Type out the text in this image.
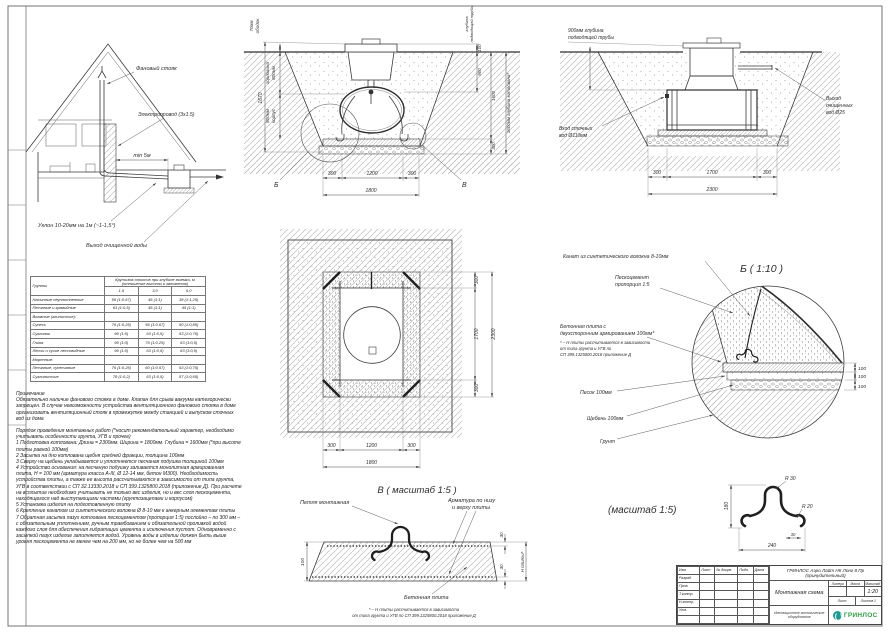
Фановый стояк
Электропровод (3х1.5)
min 5м
Уклон 10-20мм на 1м (~1-1,5°)
Выход очищенной воды
Б	В
300	1200	300
1800
1670
70мм ободок
горловина 800мм
800мм корпус
глубина подводящей трубы
100
900
1500
300
1600мм глубина котлована*
300	1700	300
2300
900мм глубина
подводящей трубы
Вход сточных
вод Ø110мм
Выход
очищенных
вод Ø25
300
1700
300
2300
300	1200	300
1800
Б ( 1:10 )
100
100
100
Канат из синтетического волокна 8-10мм
Пескоцемент
пропорция 1:5
Бетонная плита с
двухсторонним армированием 100мм*
* – Н плиты рассчитывается в зависимости
от типа грунта и УГВ по
СП 399.1325800.2018 приложение Д
Песок 100мм
Щебень 100мм
Грунт
В ( масштаб 1:5 )
Петля монтажная	Арматура по низу
и верху плиты
Бетонная плита
* – Н плиты рассчитывается в зависимости
от типа грунта и УГВ по СП 399.1325800.2018 приложение Д
100
30
30	Н плиты*
(масштаб 1:5)	180
240
R 30
R 20
30
Грунты	Крутизна откосов при глубине выемки, м (отношение высоты к заложению)		
	1,5	3,0	5,0
Насыпные неуплотненные	56 (1:0,67)	45 (1:1)	38 (1:1,25)
Песчаные и гравийные	63 (1:0,5)	45 (1:1)	45 (1:1)
Влажные (глинистые):			
Супесь	76 (1:0,25)	56 (1:0,67)	50 (1:0,85)
Суглинок	90 (1:0)	63 (1:0,5)	53 (1:0,75)
Глина	90 (1:0)	76 (1:0,25)	63 (1:0,5)
Лессы и сухие лессовидные	90 (1:0)	63 (1:0,5)	63 (1:0,5)
Моренные:			
Песчаные, супесчаные	76 (1:0,25)	60 (1:0,57)	53 (1:0,75)
Суглинистые	78 (1:0,2)	63 (1:0,5)	57 (1:0,65)
Примечание
Обязательно наличие фанового стояка в доме. Клапан для срыва вакуума категорически запрещен. В случае невозможности устройства вентиляционного фанового стояка в доме организовать вентиляционный стояк в промежутке между станцией и выпуском сточных вод из дома
Порядок проведения монтажных работ (*носит рекомендательный характер, необходимо учитывать особенности грунта, УГВ и прочее)
1 Подготовка котлована: Длина = 2300мм. Ширина = 1800мм. Глубина = 1600мм (*при высоте плиты равной 100мм)
2 Засыпка на дно котлована щебня средней фракции, толщина 100мм
3 Сверху на щебень укладывается и уплотняется песчаная подушка толщиной 100мм
4 Устройство основания: на песчаную подушку заливается монолитная армированная плита, Н = 100 мм (арматура класса А-III, Ø 12-14 мм, бетон М300). Необходимость устройства плиты, а также ее высота рассчитываются в зависимости от типа грунта, УГВ в соответствии с СП 32.13330.2018 и СП 399.1325800.2018 (приложение Д). При расчете на всплытие необходимо учитывать не только вес изделия, но и вес слоя пескоцемента, находящегося над выступающими частями (грунтозацепами и корпусом)
5 Установка изделия на подготовленную плиту
6 Крепление канатом из синтетического волокна Ø 8-10 мм к анкерным элементам плиты
7 Обратная засыпка пазух котлована пескоцементом (пропорция 1:5) послойно – по 300 мм – с обязательным уплотнением, ручным трамбованием и обязательной проливкой водой каждого слоя для обеспечения гидратации цемента и исключения пустот. Одновременно с засыпкой пазух изделие заполняется водой. Уровень воды в изделии должен быть выше уровня пескоцемента не менее чем на 200 мм, но не более чем на 500 мм
Изм.	Лист	№ докум.	Подп.	Дата
Разраб.				
Пров.				
Т.контр.				
Н.контр.				
Утв.				

ГРИНЛОС Аэро Лайт НК Лонг 8 Пр (принудительный)
Монтажная схема
Литера	Масса	Масштаб
1:20
Лист	Листов 1
Инновационное экологическое оборудование	ГРИНЛОС
